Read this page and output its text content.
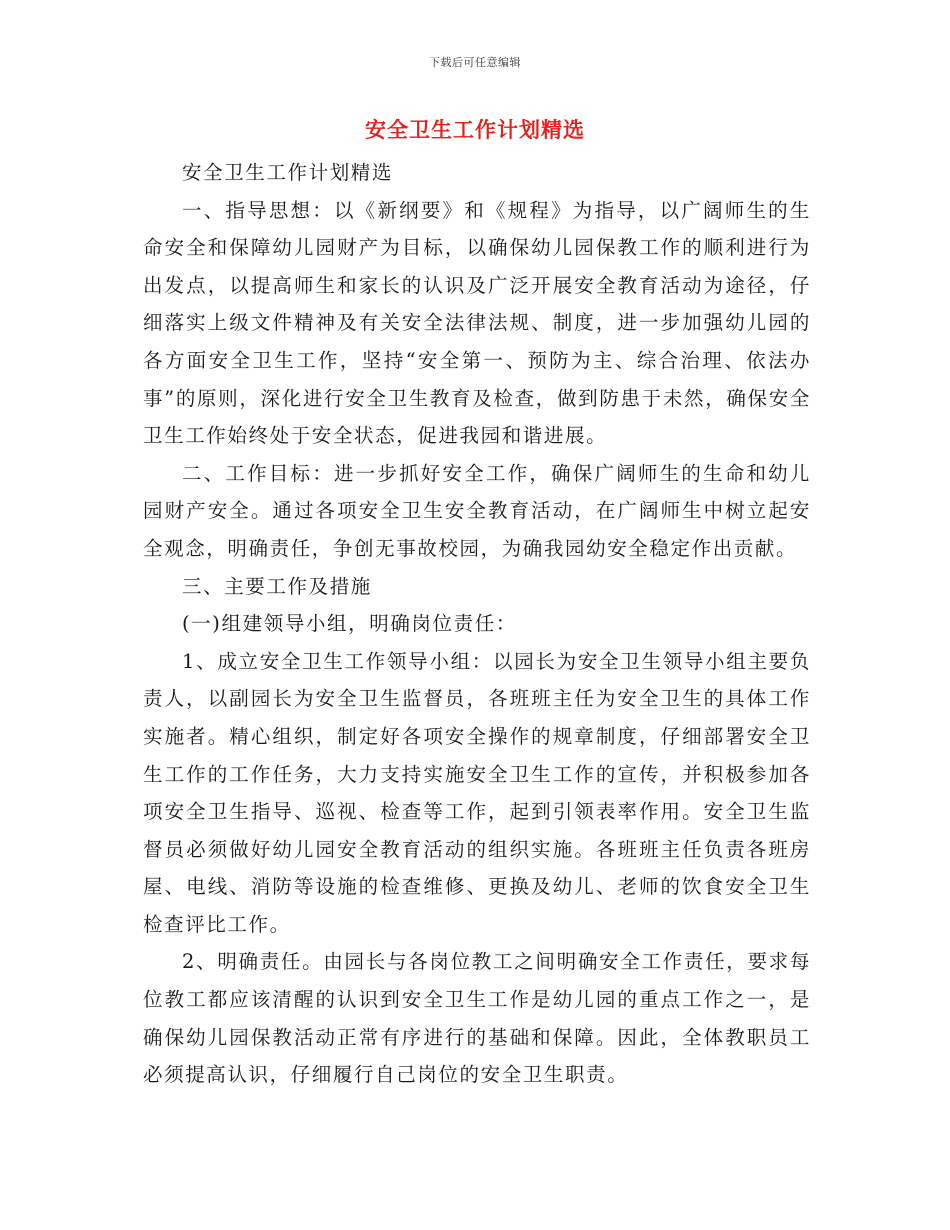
下载后可任意编辑
安全卫生工作计划精选

安全卫生工作计划精选

一、指导思想：以《新纲要》和《规程》为指导，以广阔师生的生命安全和保障幼儿园财产为目标，以确保幼儿园保教工作的顺利进行为出发点，以提高师生和家长的认识及广泛开展安全教育活动为途径，仔细落实上级文件精神及有关安全法律法规、制度，进一步加强幼儿园的各方面安全卫生工作，坚持“安全第一、预防为主、综合治理、依法办事”的原则，深化进行安全卫生教育及检查，做到防患于未然，确保安全卫生工作始终处于安全状态，促进我园和谐进展。

二、工作目标：进一步抓好安全工作，确保广阔师生的生命和幼儿园财产安全。通过各项安全卫生安全教育活动，在广阔师生中树立起安全观念，明确责任，争创无事故校园，为确我园幼安全稳定作出贡献。

三、主要工作及措施

(一)组建领导小组，明确岗位责任：

1、成立安全卫生工作领导小组：以园长为安全卫生领导小组主要负责人，以副园长为安全卫生监督员，各班班主任为安全卫生的具体工作实施者。精心组织，制定好各项安全操作的规章制度，仔细部署安全卫生工作的工作任务，大力支持实施安全卫生工作的宣传，并积极参加各项安全卫生指导、巡视、检查等工作，起到引领表率作用。安全卫生监督员必须做好幼儿园安全教育活动的组织实施。各班班主任负责各班房屋、电线、消防等设施的检查维修、更换及幼儿、老师的饮食安全卫生检查评比工作。

2、明确责任。由园长与各岗位教工之间明确安全工作责任，要求每位教工都应该清醒的认识到安全卫生工作是幼儿园的重点工作之一，是确保幼儿园保教活动正常有序进行的基础和保障。因此，全体教职员工必须提高认识，仔细履行自己岗位的安全卫生职责。
